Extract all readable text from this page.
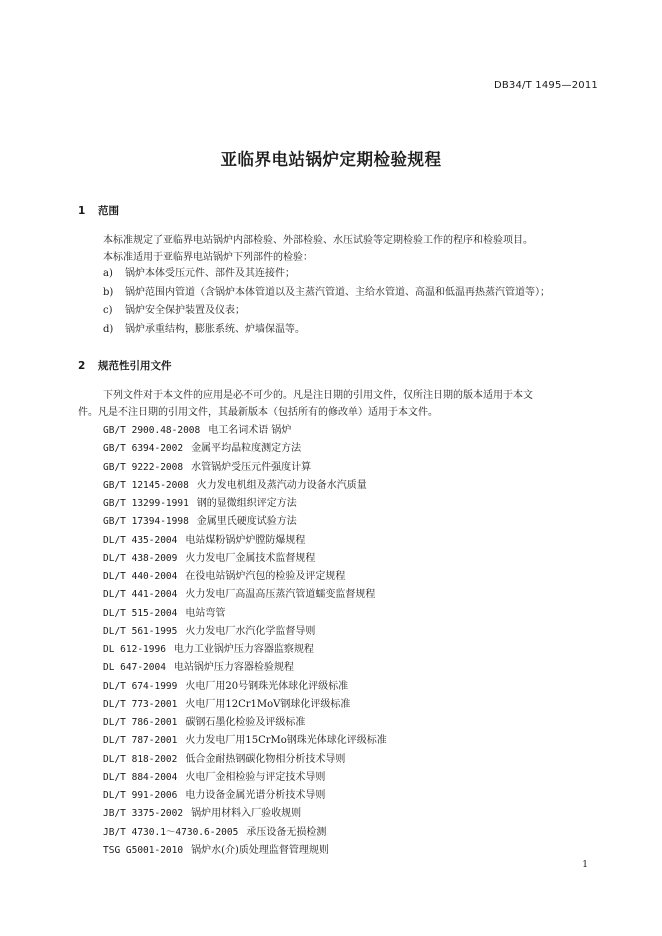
DB34/T 1495—2011
亚临界电站锅炉定期检验规程
1 范围
本标准规定了亚临界电站锅炉内部检验、外部检验、水压试验等定期检验工作的程序和检验项目。
本标准适用于亚临界电站锅炉下列部件的检验：
a) 锅炉本体受压元件、部件及其连接件；
b) 锅炉范围内管道（含锅炉本体管道以及主蒸汽管道、主给水管道、高温和低温再热蒸汽管道等）；
c) 锅炉安全保护装置及仪表；
d) 锅炉承重结构，膨胀系统、炉墙保温等。
2 规范性引用文件
下列文件对于本文件的应用是必不可少的。凡是注日期的引用文件，仅所注日期的版本适用于本文
件。凡是不注日期的引用文件，其最新版本（包括所有的修改单）适用于本文件。
GB/T 2900.48-2008 电工名词术语 锅炉
GB/T 6394-2002 金属平均晶粒度测定方法
GB/T 9222-2008 水管锅炉受压元件强度计算
GB/T 12145-2008 火力发电机组及蒸汽动力设备水汽质量
GB/T 13299-1991 钢的显微组织评定方法
GB/T 17394-1998 金属里氏硬度试验方法
DL/T 435-2004 电站煤粉锅炉炉膛防爆规程
DL/T 438-2009 火力发电厂金属技术监督规程
DL/T 440-2004 在役电站锅炉汽包的检验及评定规程
DL/T 441-2004 火力发电厂高温高压蒸汽管道蠕变监督规程
DL/T 515-2004 电站弯管
DL/T 561-1995 火力发电厂水汽化学监督导则
DL 612-1996 电力工业锅炉压力容器监察规程
DL 647-2004 电站锅炉压力容器检验规程
DL/T 674-1999 火电厂用20号钢珠光体球化评级标准
DL/T 773-2001 火电厂用12Cr1MoV钢球化评级标准
DL/T 786-2001 碳钢石墨化检验及评级标准
DL/T 787-2001 火力发电厂用15CrMo钢珠光体球化评级标准
DL/T 818-2002 低合金耐热钢碳化物相分析技术导则
DL/T 884-2004 火电厂金相检验与评定技术导则
DL/T 991-2006 电力设备金属光谱分析技术导则
JB/T 3375-2002 锅炉用材料入厂验收规则
JB/T 4730.1～4730.6-2005 承压设备无损检测
TSG G5001-2010 锅炉水(介)质处理监督管理规则
1
